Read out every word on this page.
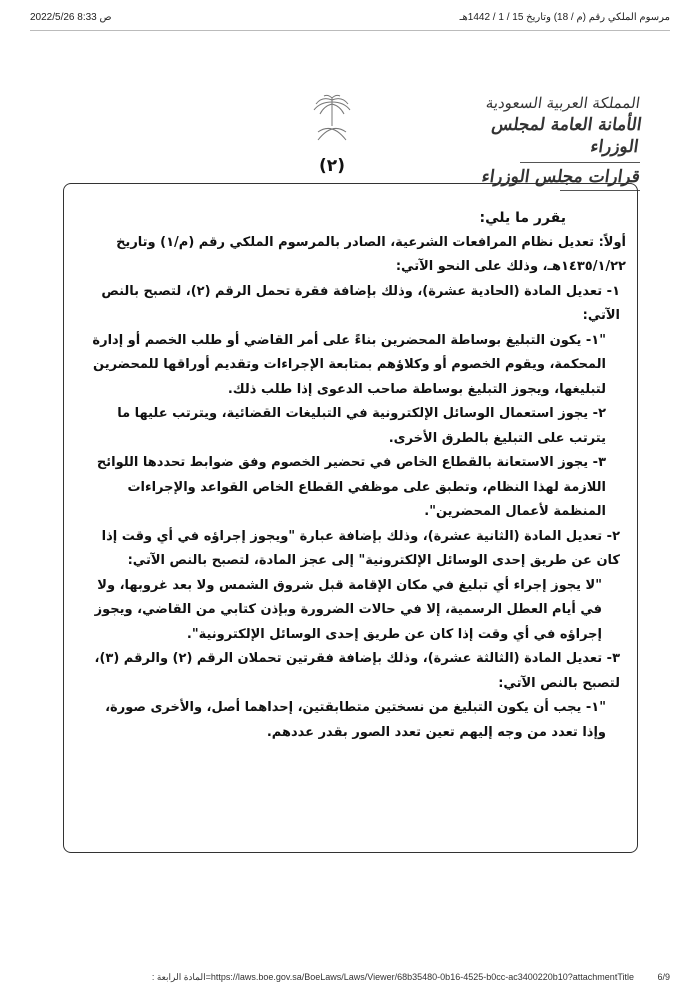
2022/5/26 8:33 ص	مرسوم الملكي رقم (م / 18) وتاريخ 15 / 1 / 1442هـ
المملكة العربية السعودية
الأمانة العامة لمجلس الوزراء
قرارات مجلس الوزراء
(٢)

يقرر ما يلي:

أولاً: تعديل نظام المرافعات الشرعية، الصادر بالمرسوم الملكي رقم (م/١) وتاريخ ١٤٣٥/١/٢٢هـ، وذلك على النحو الآتي:

١- تعديل المادة (الحادية عشرة)، وذلك بإضافة فقرة تحمل الرقم (٢)، لتصبح بالنص الآتي:

"١- يكون التبليغ بوساطة المحضرين بناءً على أمر القاضي أو طلب الخصم أو إدارة المحكمة، ويقوم الخصوم أو وكلاؤهم بمتابعة الإجراءات وتقديم أوراقها للمحضرين لتبليغها، ويجوز التبليغ بوساطة صاحب الدعوى إذا طلب ذلك.

٢- يجوز استعمال الوسائل الإلكترونية في التبليغات القضائية، ويترتب عليها ما يترتب على التبليغ بالطرق الأخرى.

٣- يجوز الاستعانة بالقطاع الخاص في تحضير الخصوم وفق ضوابط تحددها اللوائح اللازمة لهذا النظام، وتطبق على موظفي القطاع الخاص القواعد والإجراءات المنظمة لأعمال المحضرين".

٢- تعديل المادة (الثانية عشرة)، وذلك بإضافة عبارة "ويجوز إجراؤه في أي وقت إذا كان عن طريق إحدى الوسائل الإلكترونية" إلى عجز المادة، لتصبح بالنص الآتي:

"لا يجوز إجراء أي تبليغ في مكان الإقامة قبل شروق الشمس ولا بعد غروبها، ولا في أيام العطل الرسمية، إلا في حالات الضرورة وبإذن كتابي من القاضي، ويجوز إجراؤه في أي وقت إذا كان عن طريق إحدى الوسائل الإلكترونية".

٣- تعديل المادة (الثالثة عشرة)، وذلك بإضافة فقرتين تحملان الرقم (٢) والرقم (٣)، لتصبح بالنص الآتي:

"١- يجب أن يكون التبليغ من نسختين متطابقتين، إحداهما أصل، والأخرى صورة، وإذا تعدد من وجه إليهم تعين تعدد الصور بقدر عددهم.

https://laws.boe.gov.sa/BoeLaws/Laws/Viewer/68b35480-0b16-4525-b0cc-ac3400220b10?attachmentTitle=المادة الرابعة :	6/9
